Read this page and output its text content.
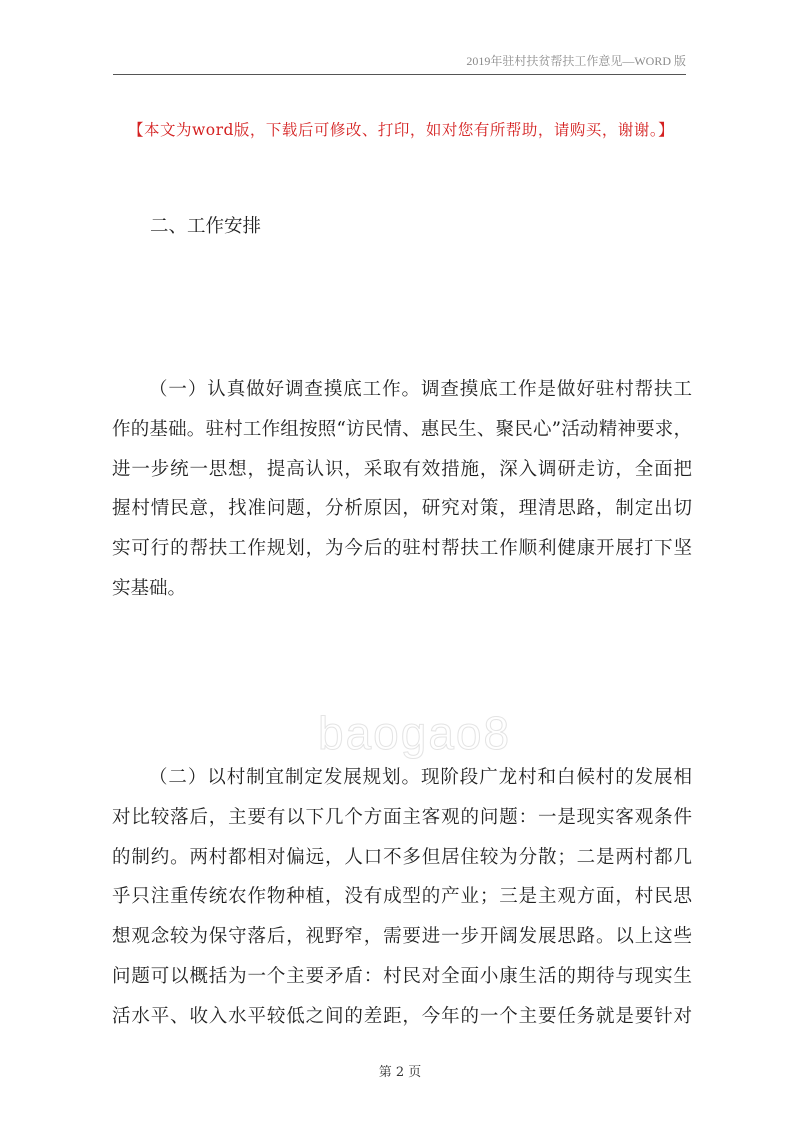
2019年驻村扶贫帮扶工作意见—WORD 版
【本文为word版，下载后可修改、打印，如对您有所帮助，请购买，谢谢。】
二、工作安排
（一）认真做好调查摸底工作。调查摸底工作是做好驻村帮扶工
作的基础。驻村工作组按照“访民情、惠民生、聚民心”活动精神要求，
进一步统一思想，提高认识，采取有效措施，深入调研走访，全面把
握村情民意，找准问题，分析原因，研究对策，理清思路，制定出切
实可行的帮扶工作规划，为今后的驻村帮扶工作顺利健康开展打下坚
实基础。
baogao8
（二）以村制宜制定发展规划。现阶段广龙村和白候村的发展相
对比较落后，主要有以下几个方面主客观的问题：一是现实客观条件
的制约。两村都相对偏远，人口不多但居住较为分散；二是两村都几
乎只注重传统农作物种植，没有成型的产业；三是主观方面，村民思
想观念较为保守落后，视野窄，需要进一步开阔发展思路。以上这些
问题可以概括为一个主要矛盾：村民对全面小康生活的期待与现实生
活水平、收入水平较低之间的差距，今年的一个主要任务就是要针对
第 2 页
